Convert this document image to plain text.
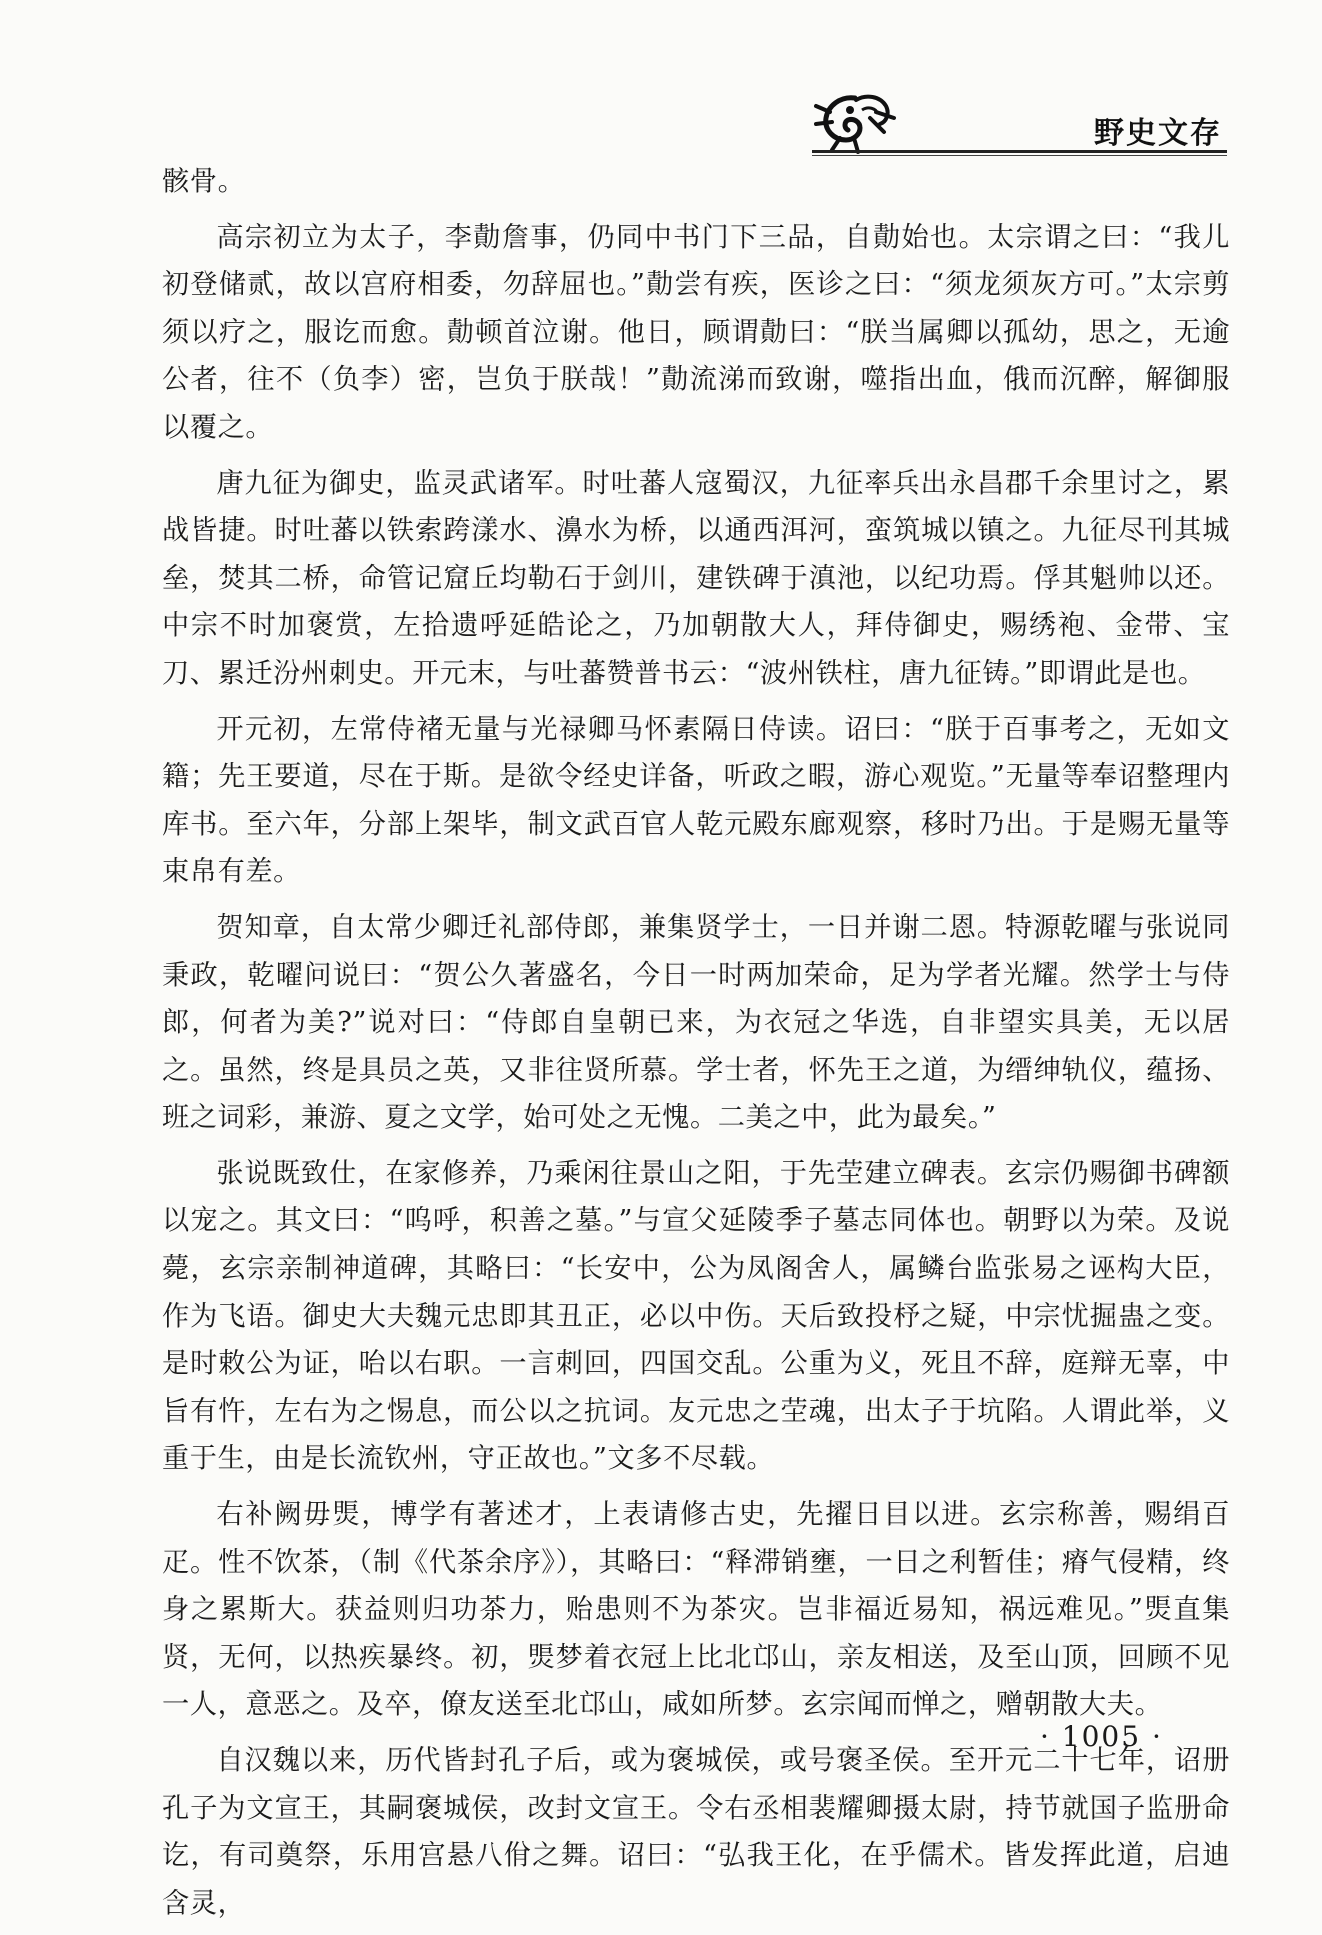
野史文存

骸骨。

高宗初立为太子，李勣詹事，仍同中书门下三品，自勣始也。太宗谓之曰：“我儿初登储贰，故以宫府相委，勿辞屈也。”勣尝有疾，医诊之曰：“须龙须灰方可。”太宗剪须以疗之，服讫而愈。勣顿首泣谢。他日，顾谓勣曰：“朕当属卿以孤幼，思之，无逾公者，往不（负李）密，岂负于朕哉！”勣流涕而致谢，噬指出血，俄而沉醉，解御服以覆之。

唐九征为御史，监灵武诸军。时吐蕃人寇蜀汉，九征率兵出永昌郡千余里讨之，累战皆捷。时吐蕃以铁索跨漾水、濞水为桥，以通西洱河，蛮筑城以镇之。九征尽刊其城垒，焚其二桥，命管记窟丘均勒石于剑川，建铁碑于滇池，以纪功焉。俘其魁帅以还。中宗不时加褒赏，左拾遗呼延皓论之，乃加朝散大人，拜侍御史，赐绣袍、金带、宝刀、累迁汾州刺史。开元末，与吐蕃赞普书云：“波州铁柱，唐九征铸。”即谓此是也。

开元初，左常侍褚无量与光禄卿马怀素隔日侍读。诏曰：“朕于百事考之，无如文籍；先王要道，尽在于斯。是欲令经史详备，听政之暇，游心观览。”无量等奉诏整理内库书。至六年，分部上架毕，制文武百官人乾元殿东廊观察，移时乃出。于是赐无量等束帛有差。

贺知章，自太常少卿迁礼部侍郎，兼集贤学士，一日并谢二恩。特源乾曜与张说同秉政，乾曜问说曰：“贺公久著盛名，今日一时两加荣命，足为学者光耀。然学士与侍郎，何者为美?”说对曰：“侍郎自皇朝已来，为衣冠之华选，自非望实具美，无以居之。虽然，终是具员之英，又非往贤所慕。学士者，怀先王之道，为缙绅轨仪，蕴扬、班之词彩，兼游、夏之文学，始可处之无愧。二美之中，此为最矣。”

张说既致仕，在家修养，乃乘闲往景山之阳，于先茔建立碑表。玄宗仍赐御书碑额以宠之。其文曰：“呜呼，积善之墓。”与宣父延陵季子墓志同体也。朝野以为荣。及说薨，玄宗亲制神道碑，其略曰：“长安中，公为凤阁舍人，属鳞台监张易之诬构大臣，作为飞语。御史大夫魏元忠即其丑正，必以中伤。天后致投杼之疑，中宗忧掘蛊之变。是时敕公为证，咍以右职。一言刺回，四国交乱。公重为义，死且不辞，庭辩无辜，中旨有忤，左右为之惕息，而公以之抗词。友元忠之茔魂，出太子于坑陷。人谓此举，义重于生，由是长流钦州，守正故也。”文多不尽载。

右补阙毋煚，博学有著述才，上表请修古史，先擢日目以进。玄宗称善，赐绢百疋。性不饮茶，（制《代茶余序》），其略曰：“释滞销壅，一日之利暂佳；瘠气侵精，终身之累斯大。获益则归功茶力，贻患则不为茶灾。岂非福近易知，祸远难见。”煚直集贤，无何，以热疾暴终。初，煚梦着衣冠上比北邙山，亲友相送，及至山顶，回顾不见一人，意恶之。及卒，僚友送至北邙山，咸如所梦。玄宗闻而惮之，赠朝散大夫。

自汉魏以来，历代皆封孔子后，或为褒城侯，或号褒圣侯。至开元二十七年，诏册孔子为文宣王，其嗣褒城侯，改封文宣王。令右丞相裴耀卿摄太尉，持节就国子监册命讫，有司奠祭，乐用宫悬八佾之舞。诏曰：“弘我王化，在乎儒术。皆发挥此道，启迪含灵，

· 1005 ·
